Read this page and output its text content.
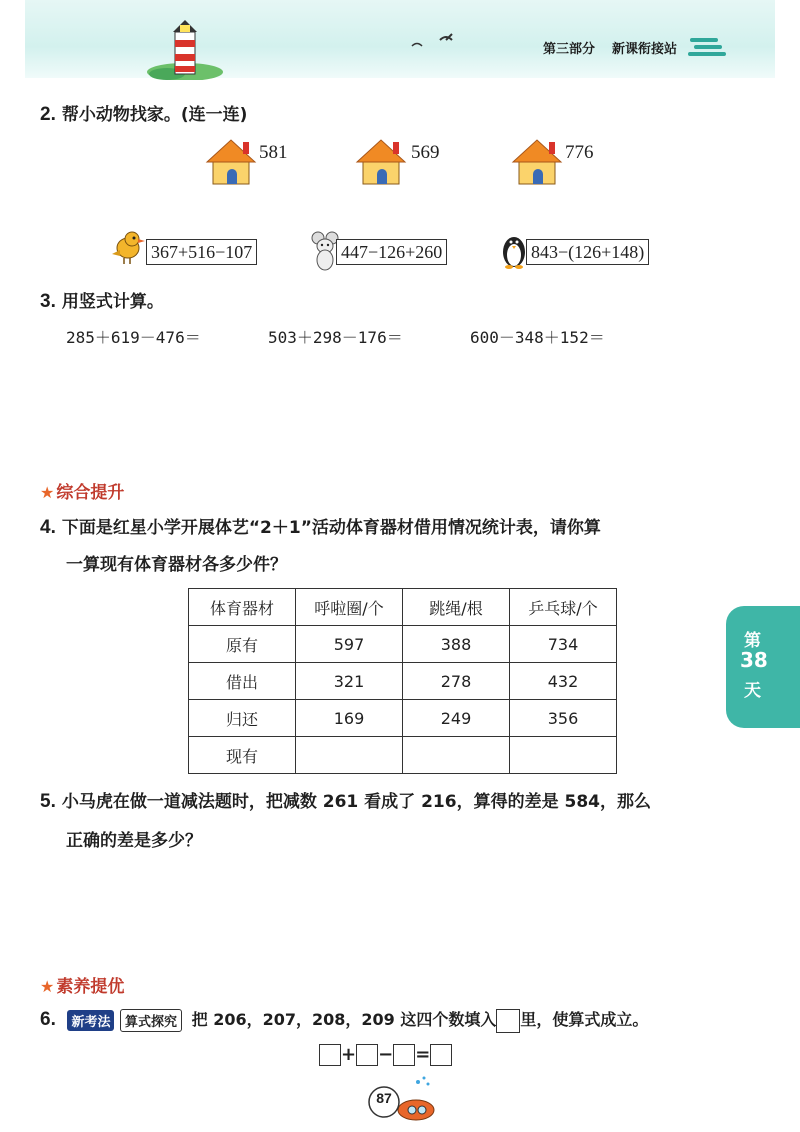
第三部分 新课衔接站
2. 帮小动物找家。(连一连)
581	569	776
367+516−107	447−126+260	843−(126+148)
3. 用竖式计算。
285＋619－476＝	503＋298－176＝	600－348＋152＝
★ 综合提升
4. 下面是红星小学开展体艺“2＋1”活动体育器材借用情况统计表，请你算
一算现有体育器材各多少件？
体育器材	呼啦圈/个	跳绳/根	乒乓球/个
原有	597	388	734
借出	321	278	432
归还	169	249	356
现有			
5. 小马虎在做一道减法题时，把减数 261 看成了 216，算得的差是 584，那么
正确的差是多少？
★ 素养提优
6. 新考法 算式探究 把 206，207，208，209 这四个数填入 里，使算式成立。
+ − =
第
38
天
87
